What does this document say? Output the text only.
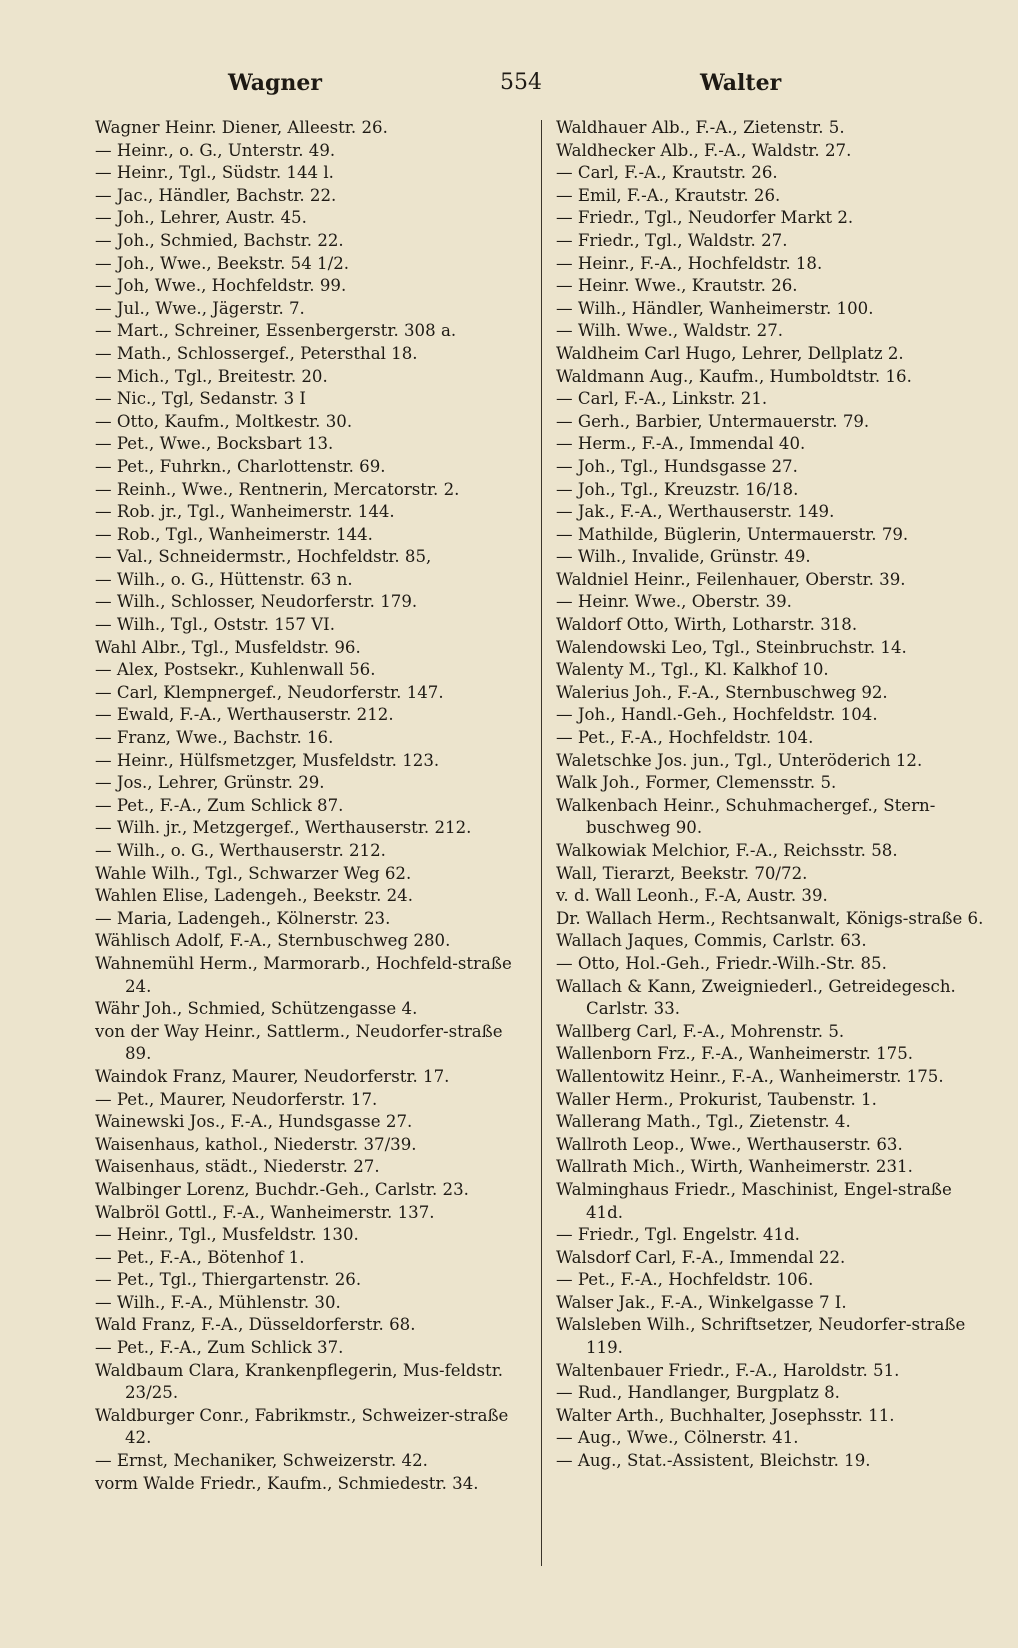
Wagner	554	Walter
Wagner Heinr. Diener, Alleestr. 26.
— Heinr., o. G., Unterstr. 49.
— Heinr., Tgl., Südstr. 144 l.
— Jac., Händler, Bachstr. 22.
— Joh., Lehrer, Austr. 45.
— Joh., Schmied, Bachstr. 22.
— Joh., Wwe., Beekstr. 54 1/2.
— Joh, Wwe., Hochfeldstr. 99.
— Jul., Wwe., Jägerstr. 7.
— Mart., Schreiner, Essenbergerstr. 308 a.
— Math., Schlossergef., Petersthal 18.
— Mich., Tgl., Breitestr. 20.
— Nic., Tgl, Sedanstr. 3 I
— Otto, Kaufm., Moltkestr. 30.
— Pet., Wwe., Bocksbart 13.
— Pet., Fuhrkn., Charlottenstr. 69.
— Reinh., Wwe., Rentnerin, Mercatorstr. 2.
— Rob. jr., Tgl., Wanheimerstr. 144.
— Rob., Tgl., Wanheimerstr. 144.
— Val., Schneidermstr., Hochfeldstr. 85,
— Wilh., o. G., Hüttenstr. 63 n.
— Wilh., Schlosser, Neudorferstr. 179.
— Wilh., Tgl., Oststr. 157 VI.
Wahl Albr., Tgl., Musfeldstr. 96.
— Alex, Postsekr., Kuhlenwall 56.
— Carl, Klempnergef., Neudorferstr. 147.
— Ewald, F.-A., Werthauserstr. 212.
— Franz, Wwe., Bachstr. 16.
— Heinr., Hülfsmetzger, Musfeldstr. 123.
— Jos., Lehrer, Grünstr. 29.
— Pet., F.-A., Zum Schlick 87.
— Wilh. jr., Metzgergef., Werthauserstr. 212.
— Wilh., o. G., Werthauserstr. 212.
Wahle Wilh., Tgl., Schwarzer Weg 62.
Wahlen Elise, Ladengeh., Beekstr. 24.
— Maria, Ladengeh., Kölnerstr. 23.
Wählisch Adolf, F.-A., Sternbuschweg 280.
Wahnemühl Herm., Marmorarb., Hochfeld-straße 24.
Währ Joh., Schmied, Schützengasse 4.
von der Way Heinr., Sattlerm., Neudorfer-straße 89.
Waindok Franz, Maurer, Neudorferstr. 17.
— Pet., Maurer, Neudorferstr. 17.
Wainewski Jos., F.-A., Hundsgasse 27.
Waisenhaus, kathol., Niederstr. 37/39.
Waisenhaus, städt., Niederstr. 27.
Walbinger Lorenz, Buchdr.-Geh., Carlstr. 23.
Walbröl Gottl., F.-A., Wanheimerstr. 137.
— Heinr., Tgl., Musfeldstr. 130.
— Pet., F.-A., Bötenhof 1.
— Pet., Tgl., Thiergartenstr. 26.
— Wilh., F.-A., Mühlenstr. 30.
Wald Franz, F.-A., Düsseldorferstr. 68.
— Pet., F.-A., Zum Schlick 37.
Waldbaum Clara, Krankenpflegerin, Mus-feldstr. 23/25.
Waldburger Conr., Fabrikmstr., Schweizer-straße 42.
— Ernst, Mechaniker, Schweizerstr. 42.
vorm Walde Friedr., Kaufm., Schmiedestr. 34.
Waldhauer Alb., F.-A., Zietenstr. 5.
Waldhecker Alb., F.-A., Waldstr. 27.
— Carl, F.-A., Krautstr. 26.
— Emil, F.-A., Krautstr. 26.
— Friedr., Tgl., Neudorfer Markt 2.
— Friedr., Tgl., Waldstr. 27.
— Heinr., F.-A., Hochfeldstr. 18.
— Heinr. Wwe., Krautstr. 26.
— Wilh., Händler, Wanheimerstr. 100.
— Wilh. Wwe., Waldstr. 27.
Waldheim Carl Hugo, Lehrer, Dellplatz 2.
Waldmann Aug., Kaufm., Humboldtstr. 16.
— Carl, F.-A., Linkstr. 21.
— Gerh., Barbier, Untermauerstr. 79.
— Herm., F.-A., Immendal 40.
— Joh., Tgl., Hundsgasse 27.
— Joh., Tgl., Kreuzstr. 16/18.
— Jak., F.-A., Werthauserstr. 149.
— Mathilde, Büglerin, Untermauerstr. 79.
— Wilh., Invalide, Grünstr. 49.
Waldniel Heinr., Feilenhauer, Oberstr. 39.
— Heinr. Wwe., Oberstr. 39.
Waldorf Otto, Wirth, Lotharstr. 318.
Walendowski Leo, Tgl., Steinbruchstr. 14.
Walenty M., Tgl., Kl. Kalkhof 10.
Walerius Joh., F.-A., Sternbuschweg 92.
— Joh., Handl.-Geh., Hochfeldstr. 104.
— Pet., F.-A., Hochfeldstr. 104.
Waletschke Jos. jun., Tgl., Unteröderich 12.
Walk Joh., Former, Clemensstr. 5.
Walkenbach Heinr., Schuhmachergef., Stern-buschweg 90.
Walkowiak Melchior, F.-A., Reichsstr. 58.
Wall, Tierarzt, Beekstr. 70/72.
v. d. Wall Leonh., F.-A, Austr. 39.
Dr. Wallach Herm., Rechtsanwalt, Königs-straße 6.
Wallach Jaques, Commis, Carlstr. 63.
— Otto, Hol.-Geh., Friedr.-Wilh.-Str. 85.
Wallach & Kann, Zweigniederl., Getreidegesch. Carlstr. 33.
Wallberg Carl, F.-A., Mohrenstr. 5.
Wallenborn Frz., F.-A., Wanheimerstr. 175.
Wallentowitz Heinr., F.-A., Wanheimerstr. 175.
Waller Herm., Prokurist, Taubenstr. 1.
Wallerang Math., Tgl., Zietenstr. 4.
Wallroth Leop., Wwe., Werthauserstr. 63.
Wallrath Mich., Wirth, Wanheimerstr. 231.
Walminghaus Friedr., Maschinist, Engel-straße 41d.
— Friedr., Tgl. Engelstr. 41d.
Walsdorf Carl, F.-A., Immendal 22.
— Pet., F.-A., Hochfeldstr. 106.
Walser Jak., F.-A., Winkelgasse 7 I.
Walsleben Wilh., Schriftsetzer, Neudorfer-straße 119.
Waltenbauer Friedr., F.-A., Haroldstr. 51.
— Rud., Handlanger, Burgplatz 8.
Walter Arth., Buchhalter, Josephsstr. 11.
— Aug., Wwe., Cölnerstr. 41.
— Aug., Stat.-Assistent, Bleichstr. 19.
